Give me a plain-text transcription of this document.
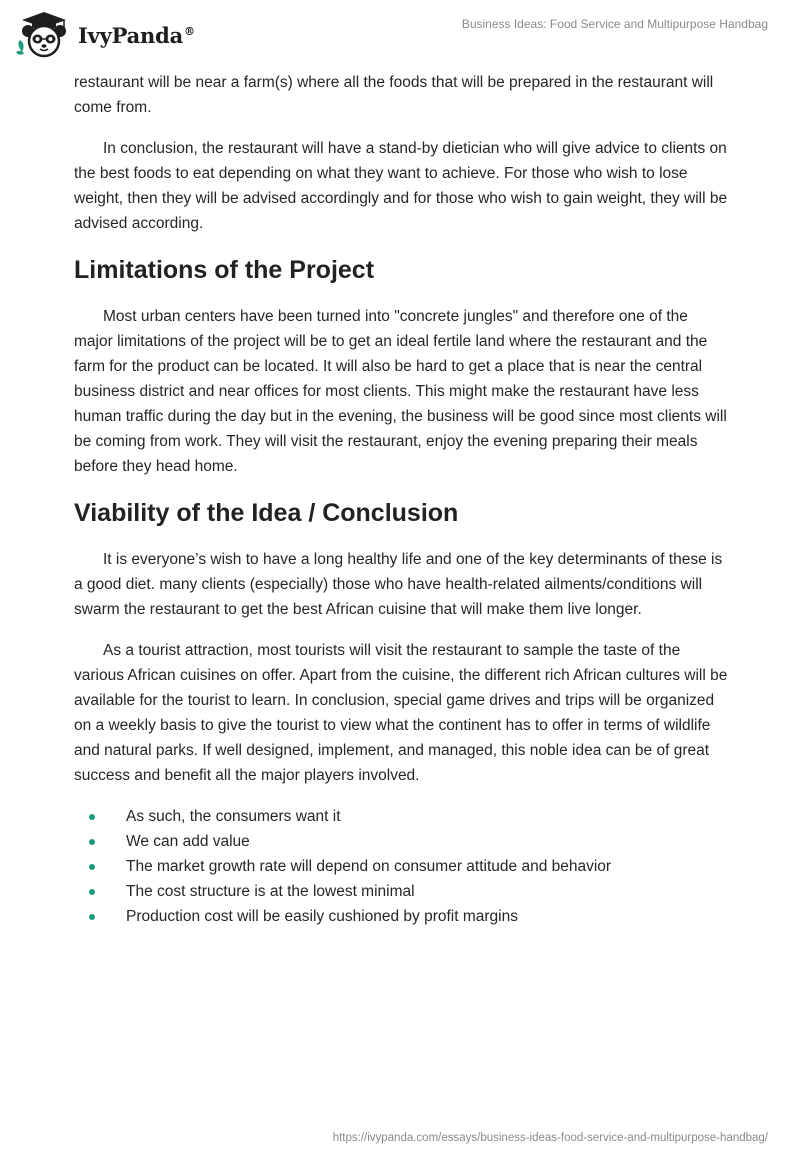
IvyPanda®	Business Ideas: Food Service and Multipurpose Handbag

restaurant will be near a farm(s) where all the foods that will be prepared in the restaurant will come from.

In conclusion, the restaurant will have a stand-by dietician who will give advice to clients on the best foods to eat depending on what they want to achieve. For those who wish to lose weight, then they will be advised accordingly and for those who wish to gain weight, they will be advised according.

Limitations of the Project

Most urban centers have been turned into "concrete jungles" and therefore one of the major limitations of the project will be to get an ideal fertile land where the restaurant and the farm for the product can be located. It will also be hard to get a place that is near the central business district and near offices for most clients. This might make the restaurant have less human traffic during the day but in the evening, the business will be good since most clients will be coming from work. They will visit the restaurant, enjoy the evening preparing their meals before they head home.

Viability of the Idea / Conclusion

It is everyone’s wish to have a long healthy life and one of the key determinants of these is a good diet. many clients (especially) those who have health-related ailments/conditions will swarm the restaurant to get the best African cuisine that will make them live longer.

As a tourist attraction, most tourists will visit the restaurant to sample the taste of the various African cuisines on offer. Apart from the cuisine, the different rich African cultures will be available for the tourist to learn. In conclusion, special game drives and trips will be organized on a weekly basis to give the tourist to view what the continent has to offer in terms of wildlife and natural parks. If well designed, implement, and managed, this noble idea can be of great success and benefit all the major players involved.

As such, the consumers want it
We can add value
The market growth rate will depend on consumer attitude and behavior
The cost structure is at the lowest minimal
Production cost will be easily cushioned by profit margins
https://ivypanda.com/essays/business-ideas-food-service-and-multipurpose-handbag/
